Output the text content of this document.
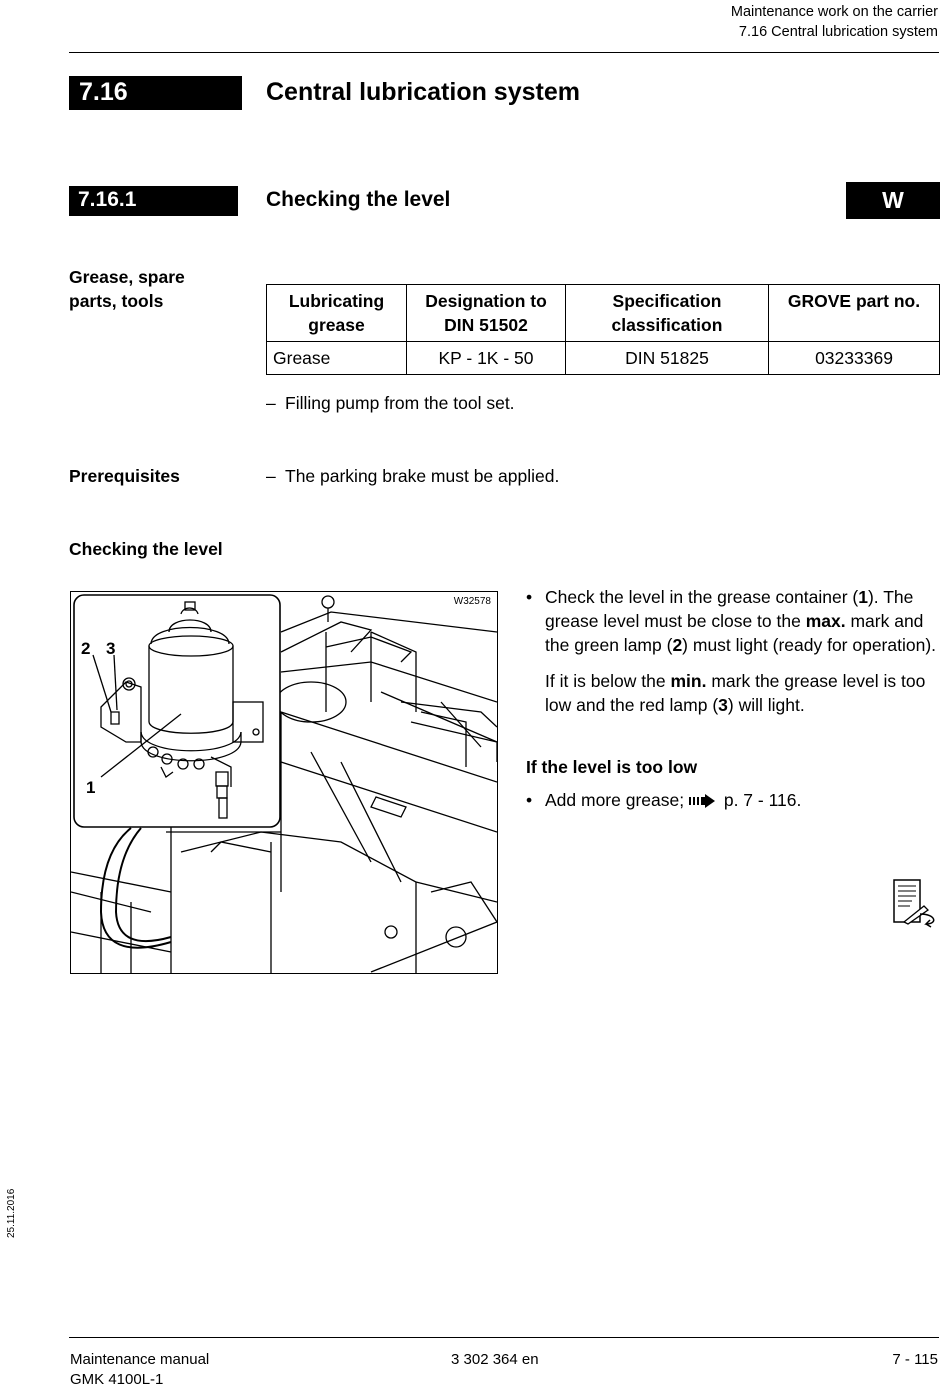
Maintenance work on the carrier
7.16 Central lubrication system
7.16	Central lubrication system
7.16.1	Checking the level	W
Grease, spare parts, tools	Lubricating grease	Designation to DIN 51502	Specification classification	GROVE part no.
Grease	KP - 1K - 50	DIN 51825	03233369
– Filling pump from the tool set.
Prerequisites	– The parking brake must be applied.
Checking the level
W32578
2 3
1
• Check the level in the grease container (1). The grease level must be close to the max. mark and the green lamp (2) must light (ready for operation).
If it is below the min. mark the grease level is too low and the red lamp (3) will light.
If the level is too low
• Add more grease;  p. 7 - 116.
25.11.2016
Maintenance manual
GMK 4100L-1
3 302 364 en	7 - 115
